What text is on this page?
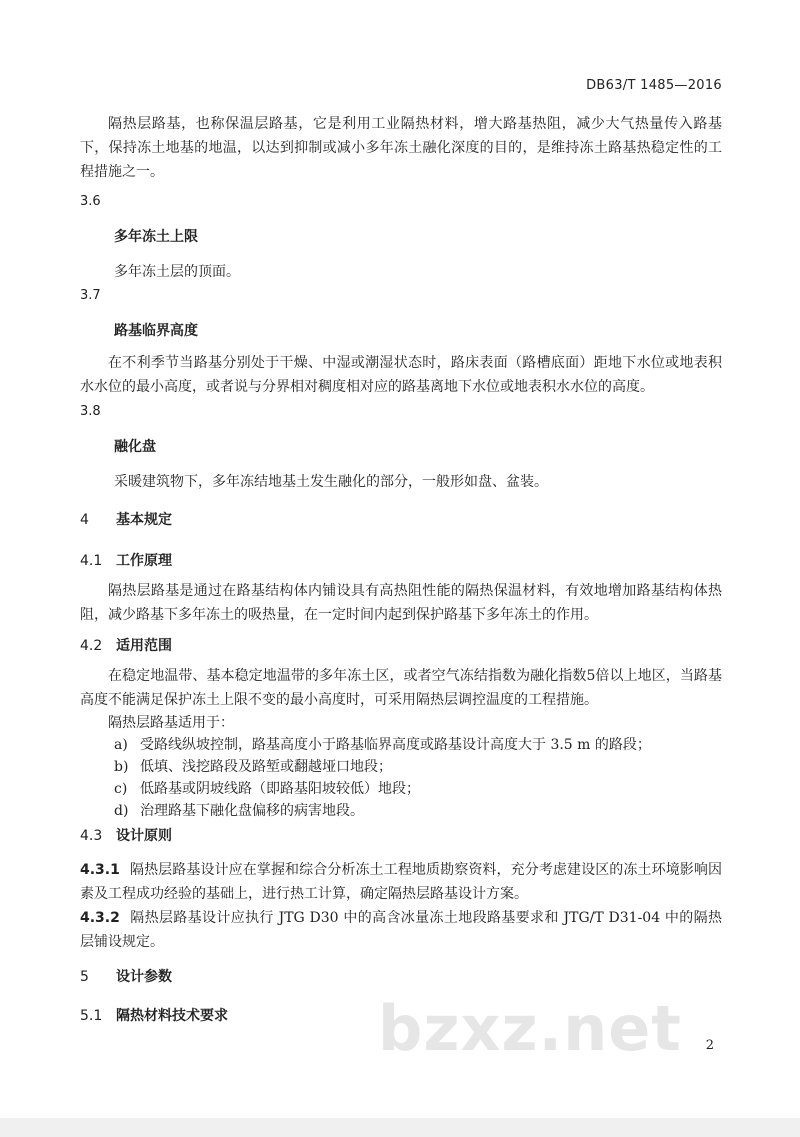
DB63/T 1485—2016

隔热层路基，也称保温层路基，它是利用工业隔热材料，增大路基热阻，减少大气热量传入路基下，保持冻土地基的地温，以达到抑制或减小多年冻土融化深度的目的，是维持冻土路基热稳定性的工程措施之一。

3.6

多年冻土上限

多年冻土层的顶面。

3.7

路基临界高度

在不利季节当路基分别处于干燥、中湿或潮湿状态时，路床表面（路槽底面）距地下水位或地表积水水位的最小高度，或者说与分界相对稠度相对应的路基离地下水位或地表积水水位的高度。

3.8

融化盘

采暖建筑物下，多年冻结地基土发生融化的部分，一般形如盘、盆装。

4 基本规定

4.1 工作原理

隔热层路基是通过在路基结构体内铺设具有高热阻性能的隔热保温材料，有效地增加路基结构体热阻，减少路基下多年冻土的吸热量，在一定时间内起到保护路基下多年冻土的作用。

4.2 适用范围

在稳定地温带、基本稳定地温带的多年冻土区，或者空气冻结指数为融化指数5倍以上地区，当路基高度不能满足保护冻土上限不变的最小高度时，可采用隔热层调控温度的工程措施。

隔热层路基适用于：

a) 受路线纵坡控制，路基高度小于路基临界高度或路基设计高度大于 3.5 m 的路段；

b) 低填、浅挖路段及路堑或翻越垭口地段；

c) 低路基或阴坡线路（即路基阳坡较低）地段；

d) 治理路基下融化盘偏移的病害地段。

4.3 设计原则

4.3.1 隔热层路基设计应在掌握和综合分析冻土工程地质勘察资料，充分考虑建设区的冻土环境影响因素及工程成功经验的基础上，进行热工计算，确定隔热层路基设计方案。

4.3.2 隔热层路基设计应执行 JTG D30 中的高含冰量冻土地段路基要求和 JTG/T D31-04 中的隔热层铺设规定。

5 设计参数

5.1 隔热材料技术要求	bzxz.net 2
